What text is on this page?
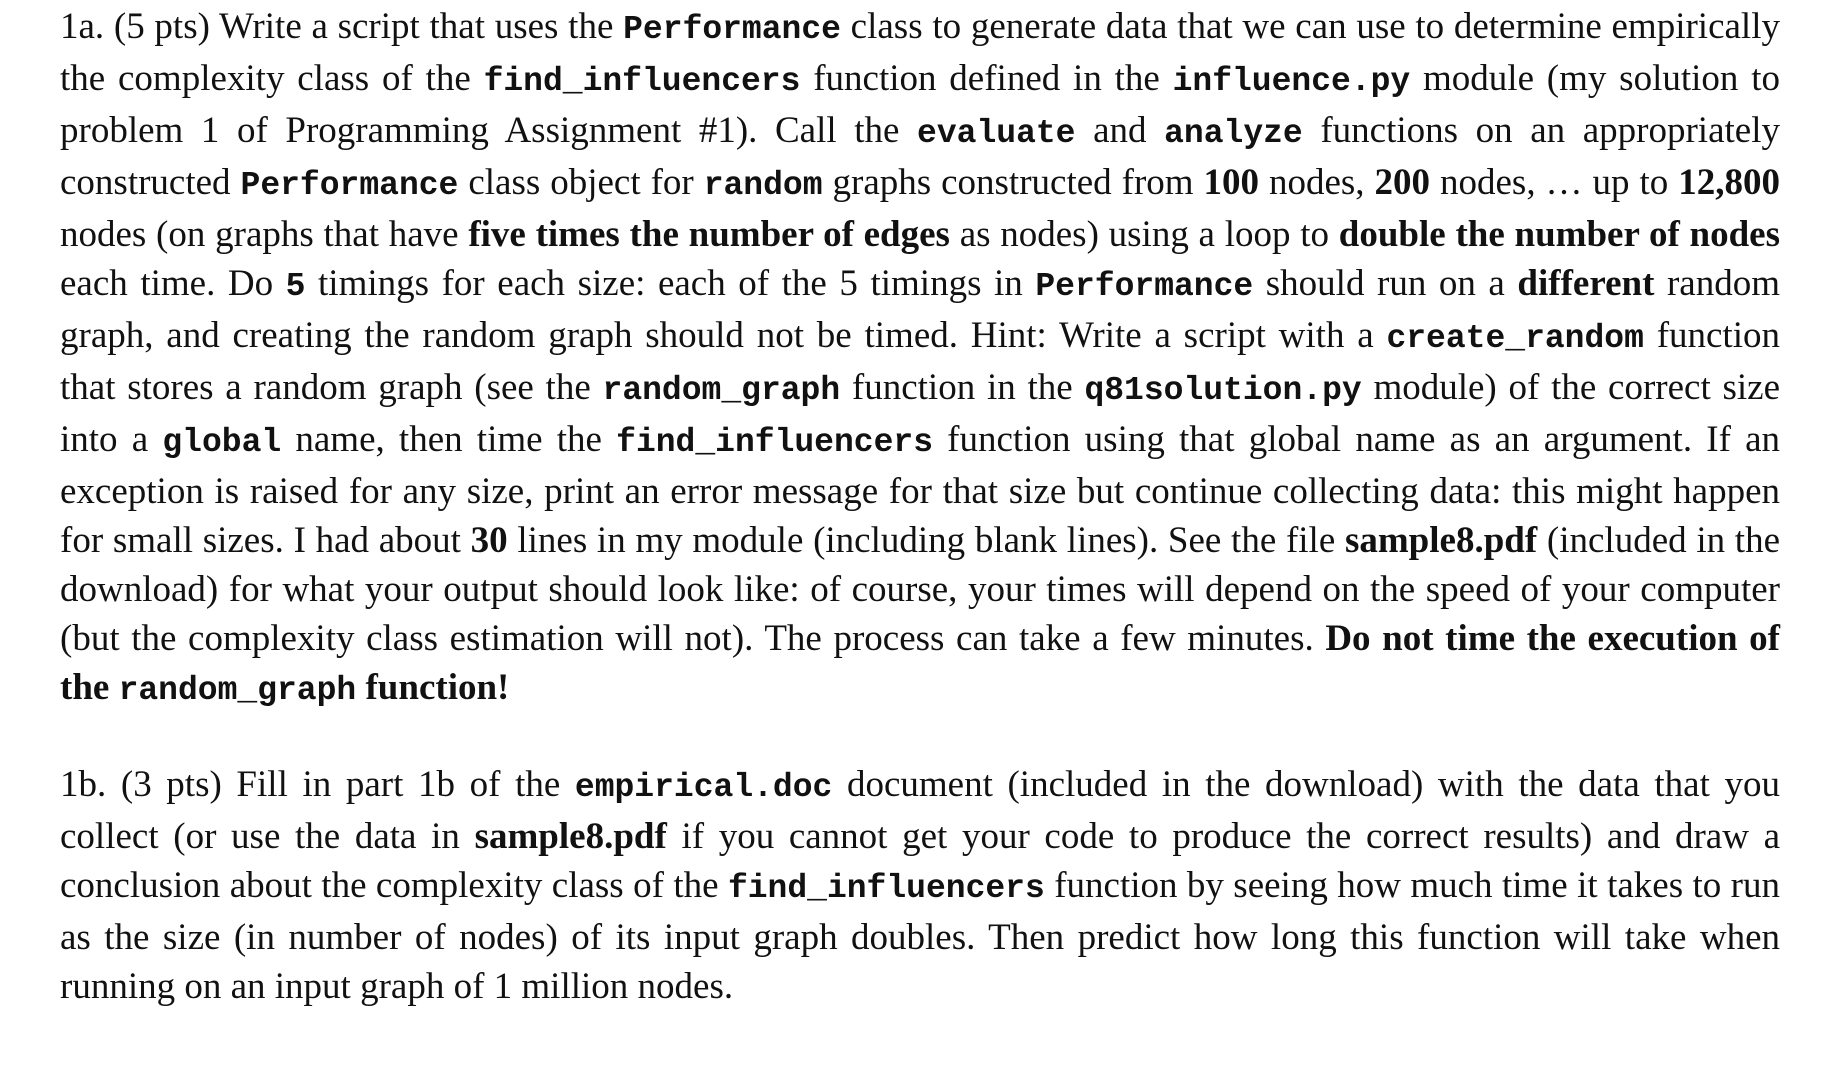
1a. (5 pts) Write a script that uses the Performance class to generate data that we can use to determine empirically the complexity class of the find_influencers function defined in the influence.py module (my solution to problem 1 of Programming Assignment #1). Call the evaluate and analyze functions on an appropriately constructed Performance class object for random graphs constructed from 100 nodes, 200 nodes, … up to 12,800 nodes (on graphs that have five times the number of edges as nodes) using a loop to double the number of nodes each time. Do 5 timings for each size: each of the 5 timings in Performance should run on a different random graph, and creating the random graph should not be timed. Hint: Write a script with a create_random function that stores a random graph (see the random_graph function in the q81solution.py module) of the correct size into a global name, then time the find_influencers function using that global name as an argument. If an exception is raised for any size, print an error message for that size but continue collecting data: this might happen for small sizes. I had about 30 lines in my module (including blank lines). See the file sample8.pdf (included in the download) for what your output should look like: of course, your times will depend on the speed of your computer (but the complexity class estimation will not). The process can take a few minutes. Do not time the execution of the random_graph function!

1b. (3 pts) Fill in part 1b of the empirical.doc document (included in the download) with the data that you collect (or use the data in sample8.pdf if you cannot get your code to produce the correct results) and draw a conclusion about the complexity class of the find_influencers function by seeing how much time it takes to run as the size (in number of nodes) of its input graph doubles. Then predict how long this function will take when running on an input graph of 1 million nodes.
